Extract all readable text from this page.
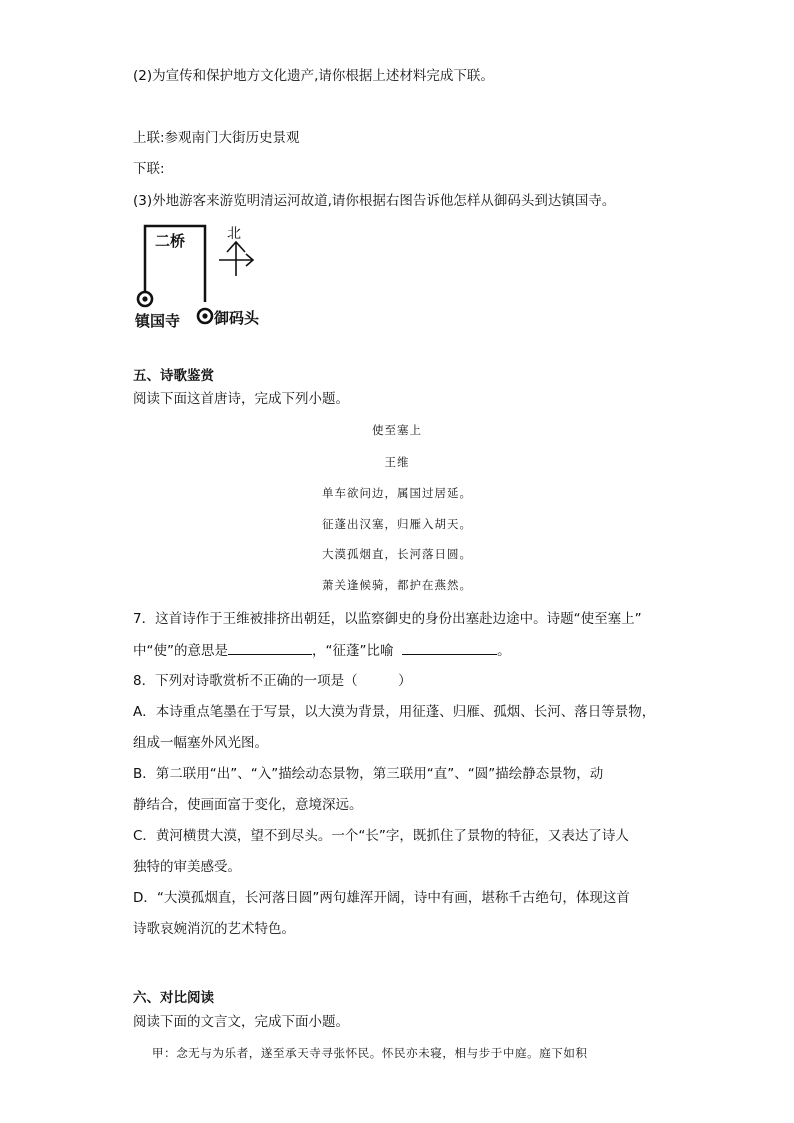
(2)为宣传和保护地方文化遗产,请你根据上述材料完成下联。
上联:参观南门大街历史景观
下联:
(3)外地游客来游览明清运河故道,请你根据右图告诉他怎样从御码头到达镇国寺。
二桥	北
镇国寺 御码头
五、诗歌鉴赏
阅读下面这首唐诗，完成下列小题。
使至塞上
王维
单车欲问边，属国过居延。
征蓬出汉塞，归雁入胡天。
大漠孤烟直，长河落日圆。
萧关逢候骑，都护在燕然。
7．这首诗作于王维被排挤出朝廷，以监察御史的身份出塞赴边途中。诗题“使至塞上”
中“使”的意思是	，“征蓬”比喻	。
8．下列对诗歌赏析不正确的一项是（　　　）
A．本诗重点笔墨在于写景，以大漠为背景，用征蓬、归雁、孤烟、长河、落日等景物，
组成一幅塞外风光图。
B．第二联用“出”、“入”描绘动态景物，第三联用“直”、“圆”描绘静态景物，动
静结合，使画面富于变化，意境深远。
C．黄河横贯大漠，望不到尽头。一个“长”字，既抓住了景物的特征，又表达了诗人
独特的审美感受。
D．“大漠孤烟直，长河落日圆”两句雄浑开阔，诗中有画，堪称千古绝句，体现这首
诗歌哀婉消沉的艺术特色。
六、对比阅读
阅读下面的文言文，完成下面小题。
甲：念无与为乐者，遂至承天寺寻张怀民。怀民亦未寝，相与步于中庭。庭下如积
